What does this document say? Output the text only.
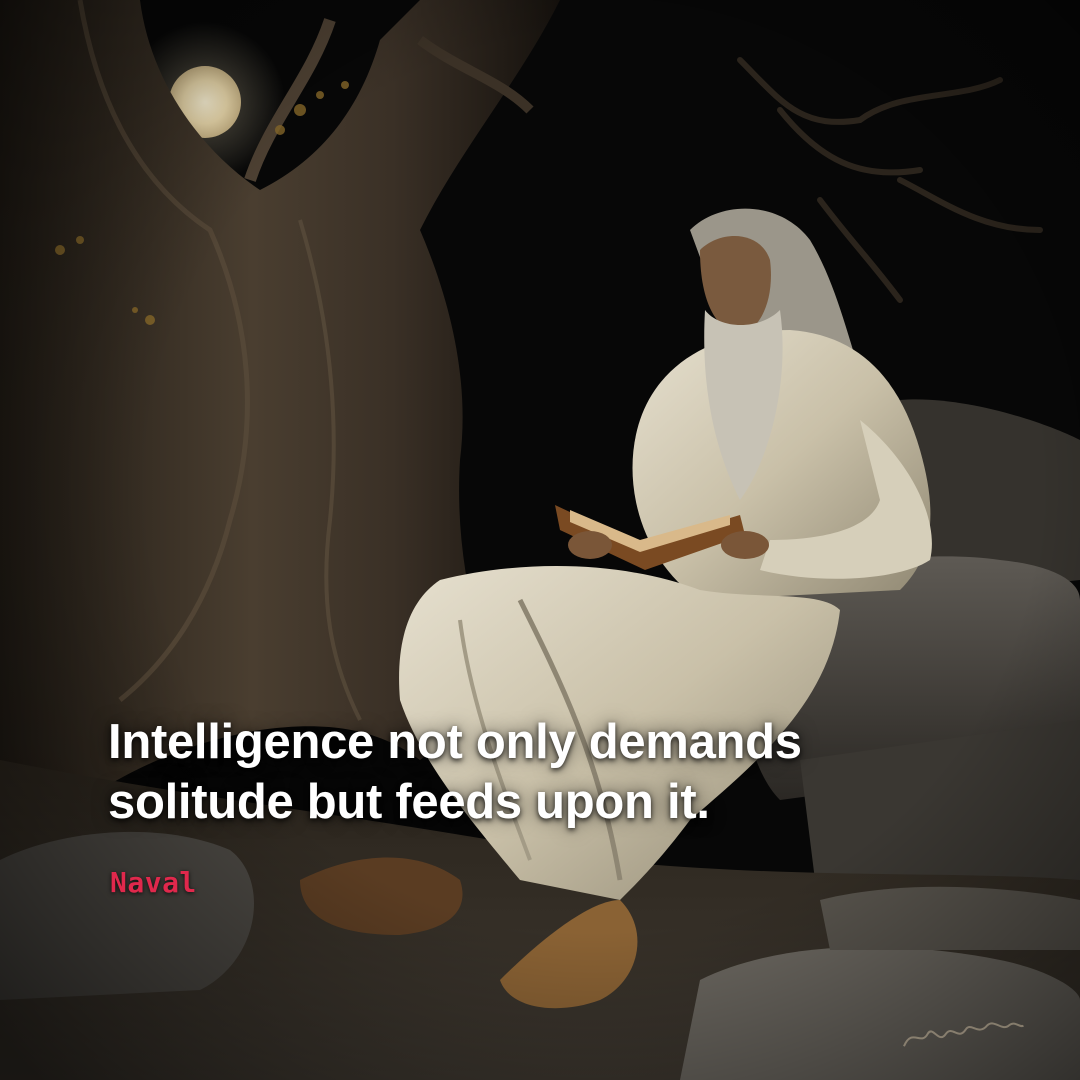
Intelligence not only demands
solitude but feeds upon it.

Naval
